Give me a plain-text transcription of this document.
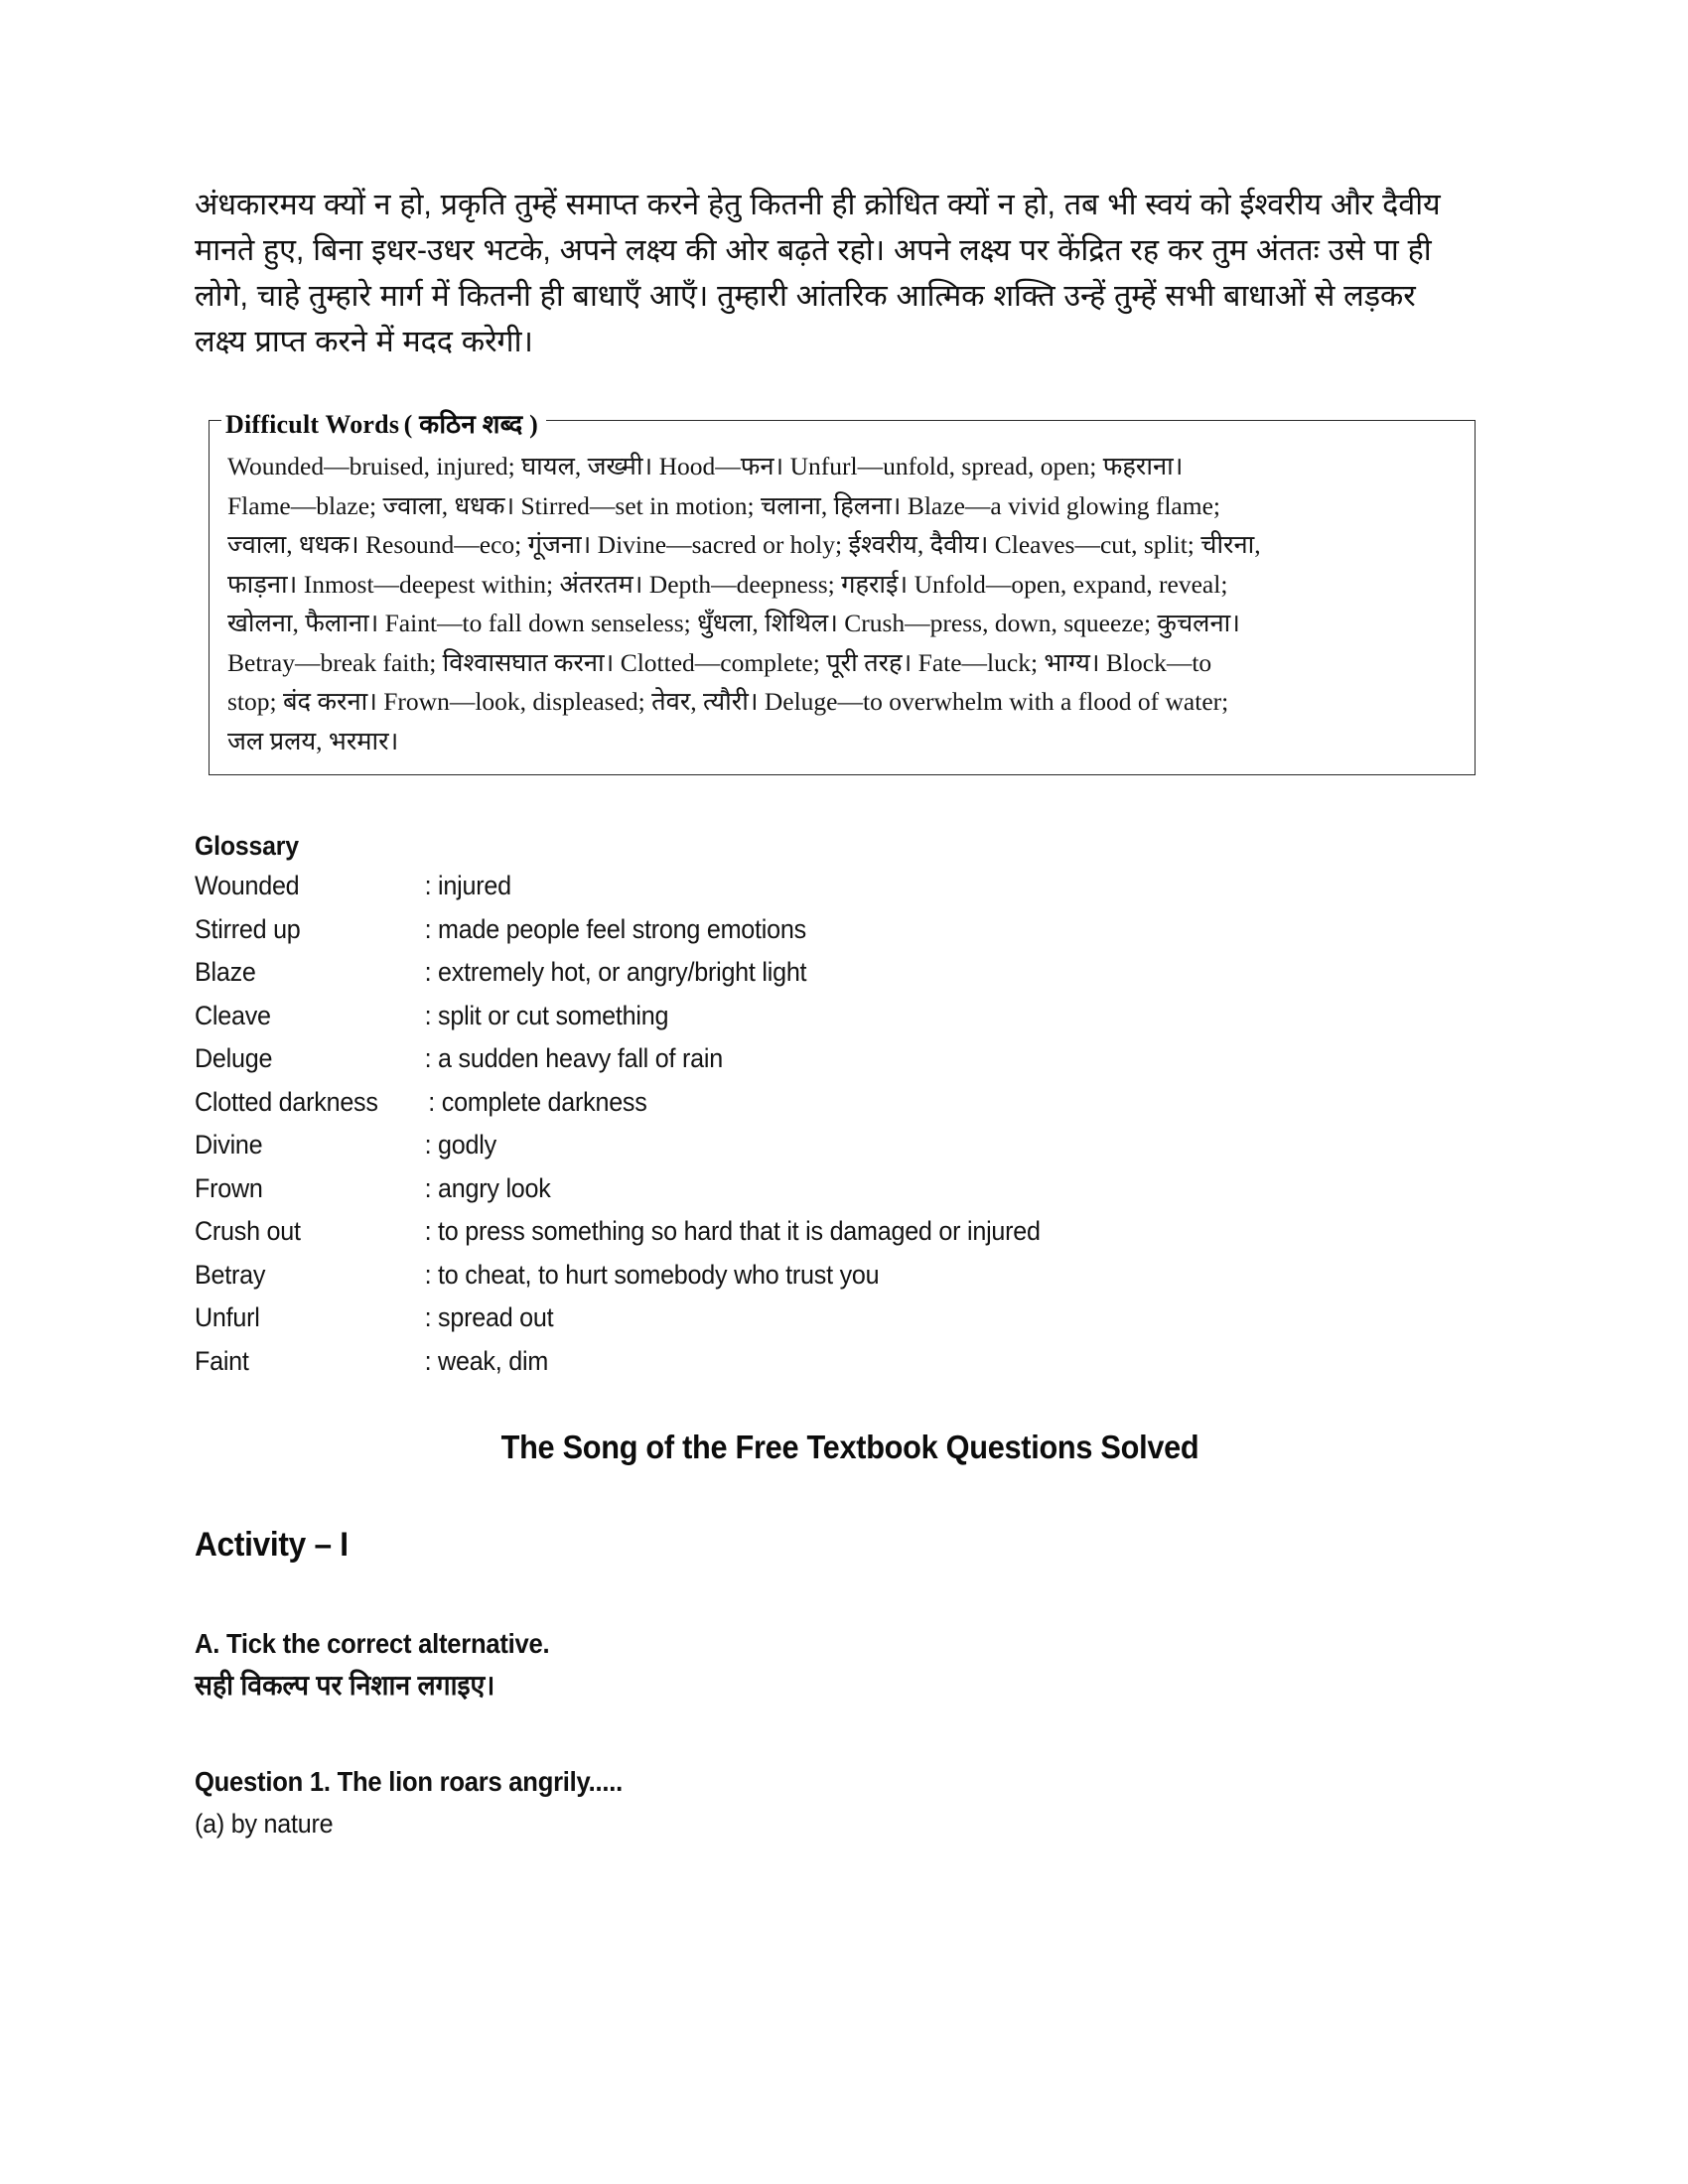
अंधकारमय क्यों न हो, प्रकृति तुम्हें समाप्त करने हेतु कितनी ही क्रोधित क्यों न हो, तब भी स्वयं को ईश्वरीय और दैवीय मानते हुए, बिना इधर-उधर भटके, अपने लक्ष्य की ओर बढ़ते रहो। अपने लक्ष्य पर केंद्रित रह कर तुम अंततः उसे पा ही लोगे, चाहे तुम्हारे मार्ग में कितनी ही बाधाएँ आएँ। तुम्हारी आंतरिक आत्मिक शक्ति उन्हें तुम्हें सभी बाधाओं से लड़कर लक्ष्य प्राप्त करने में मदद करेगी।

Difficult Words ( कठिन शब्द )
Wounded—bruised, injured; घायल, जख्मी। Hood—फन। Unfurl—unfold, spread, open; फहराना।
Flame—blaze; ज्वाला, धधक। Stirred—set in motion; चलाना, हिलना। Blaze—a vivid glowing flame;
ज्वाला, धधक। Resound—eco; गूंजना। Divine—sacred or holy; ईश्वरीय, दैवीय। Cleaves—cut, split; चीरना,
फाड़ना। Inmost—deepest within; अंतरतम। Depth—deepness; गहराई। Unfold—open, expand, reveal;
खोलना, फैलाना। Faint—to fall down senseless; धुँधला, शिथिल। Crush—press, down, squeeze; कुचलना।
Betray—break faith; विश्वासघात करना। Clotted—complete; पूरी तरह। Fate—luck; भाग्य। Block—to
stop; बंद करना। Frown—look, displeased; तेवर, त्यौरी। Deluge—to overwhelm with a flood of water;
जल प्रलय, भरमार।
Glossary
Wounded	: injured
Stirred up	: made people feel strong emotions
Blaze	: extremely hot, or angry/bright light
Cleave	: split or cut something
Deluge	: a sudden heavy fall of rain
Clotted darkness	: complete darkness
Divine	: godly
Frown	: angry look
Crush out	: to press something so hard that it is damaged or injured
Betray	: to cheat, to hurt somebody who trust you
Unfurl	: spread out
Faint	: weak, dim
The Song of the Free Textbook Questions Solved
Activity – I
A. Tick the correct alternative.
सही विकल्प पर निशान लगाइए।
Question 1. The lion roars angrily.....
(a) by nature
